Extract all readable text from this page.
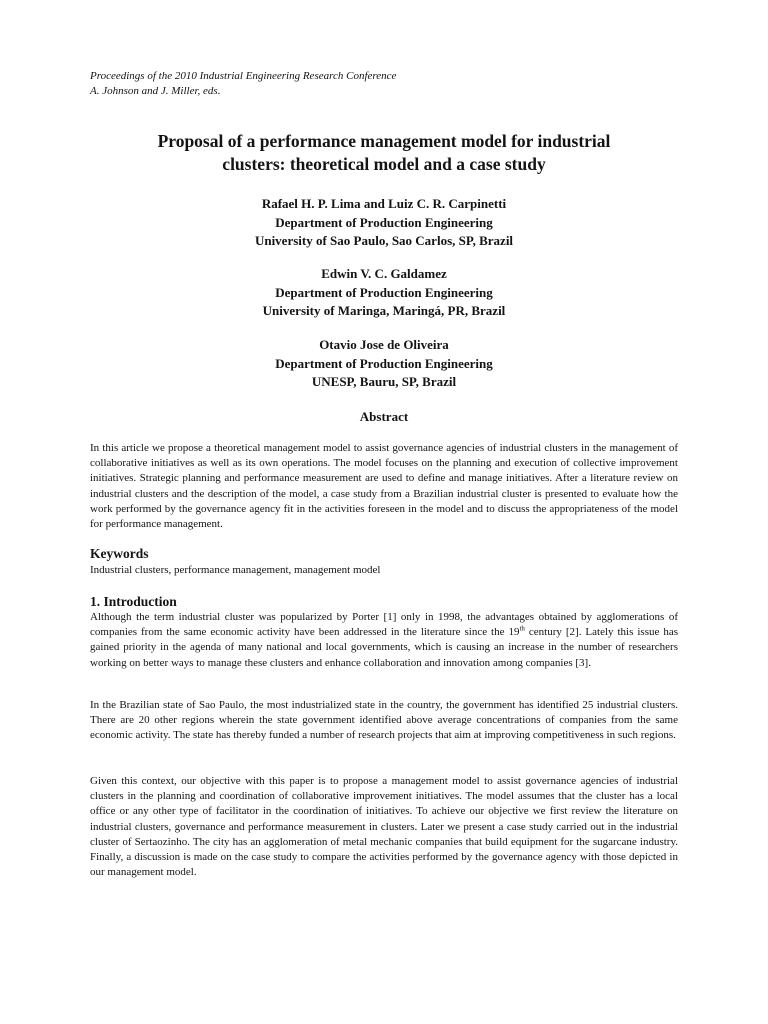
Proceedings of the 2010 Industrial Engineering Research Conference
A. Johnson and J. Miller, eds.
Proposal of a performance management model for industrial
clusters: theoretical model and a case study
Rafael H. P. Lima and Luiz C. R. Carpinetti
Department of Production Engineering
University of Sao Paulo, Sao Carlos, SP, Brazil
Edwin V. C. Galdamez
Department of Production Engineering
University of Maringa, Maringá, PR, Brazil
Otavio Jose de Oliveira
Department of Production Engineering
UNESP, Bauru, SP, Brazil
Abstract
In this article we propose a theoretical management model to assist governance agencies of industrial clusters in the management of collaborative initiatives as well as its own operations. The model focuses on the planning and execution of collective improvement initiatives. Strategic planning and performance measurement are used to define and manage initiatives. After a literature review on industrial clusters and the description of the model, a case study from a Brazilian industrial cluster is presented to evaluate how the work performed by the governance agency fit in the activities foreseen in the model and to discuss the appropriateness of the model for performance management.
Keywords
Industrial clusters, performance management, management model
1. Introduction
Although the term industrial cluster was popularized by Porter [1] only in 1998, the advantages obtained by agglomerations of companies from the same economic activity have been addressed in the literature since the 19th century [2]. Lately this issue has gained priority in the agenda of many national and local governments, which is causing an increase in the number of researchers working on better ways to manage these clusters and enhance collaboration and innovation among companies [3].
In the Brazilian state of Sao Paulo, the most industrialized state in the country, the government has identified 25 industrial clusters. There are 20 other regions wherein the state government identified above average concentrations of companies from the same economic activity. The state has thereby funded a number of research projects that aim at improving competitiveness in such regions.
Given this context, our objective with this paper is to propose a management model to assist governance agencies of industrial clusters in the planning and coordination of collaborative improvement initiatives. The model assumes that the cluster has a local office or any other type of facilitator in the coordination of initiatives. To achieve our objective we first review the literature on industrial clusters, governance and performance measurement in clusters. Later we present a case study carried out in the industrial cluster of Sertaozinho. The city has an agglomeration of metal mechanic companies that build equipment for the sugarcane industry. Finally, a discussion is made on the case study to compare the activities performed by the governance agency with those depicted in our management model.
